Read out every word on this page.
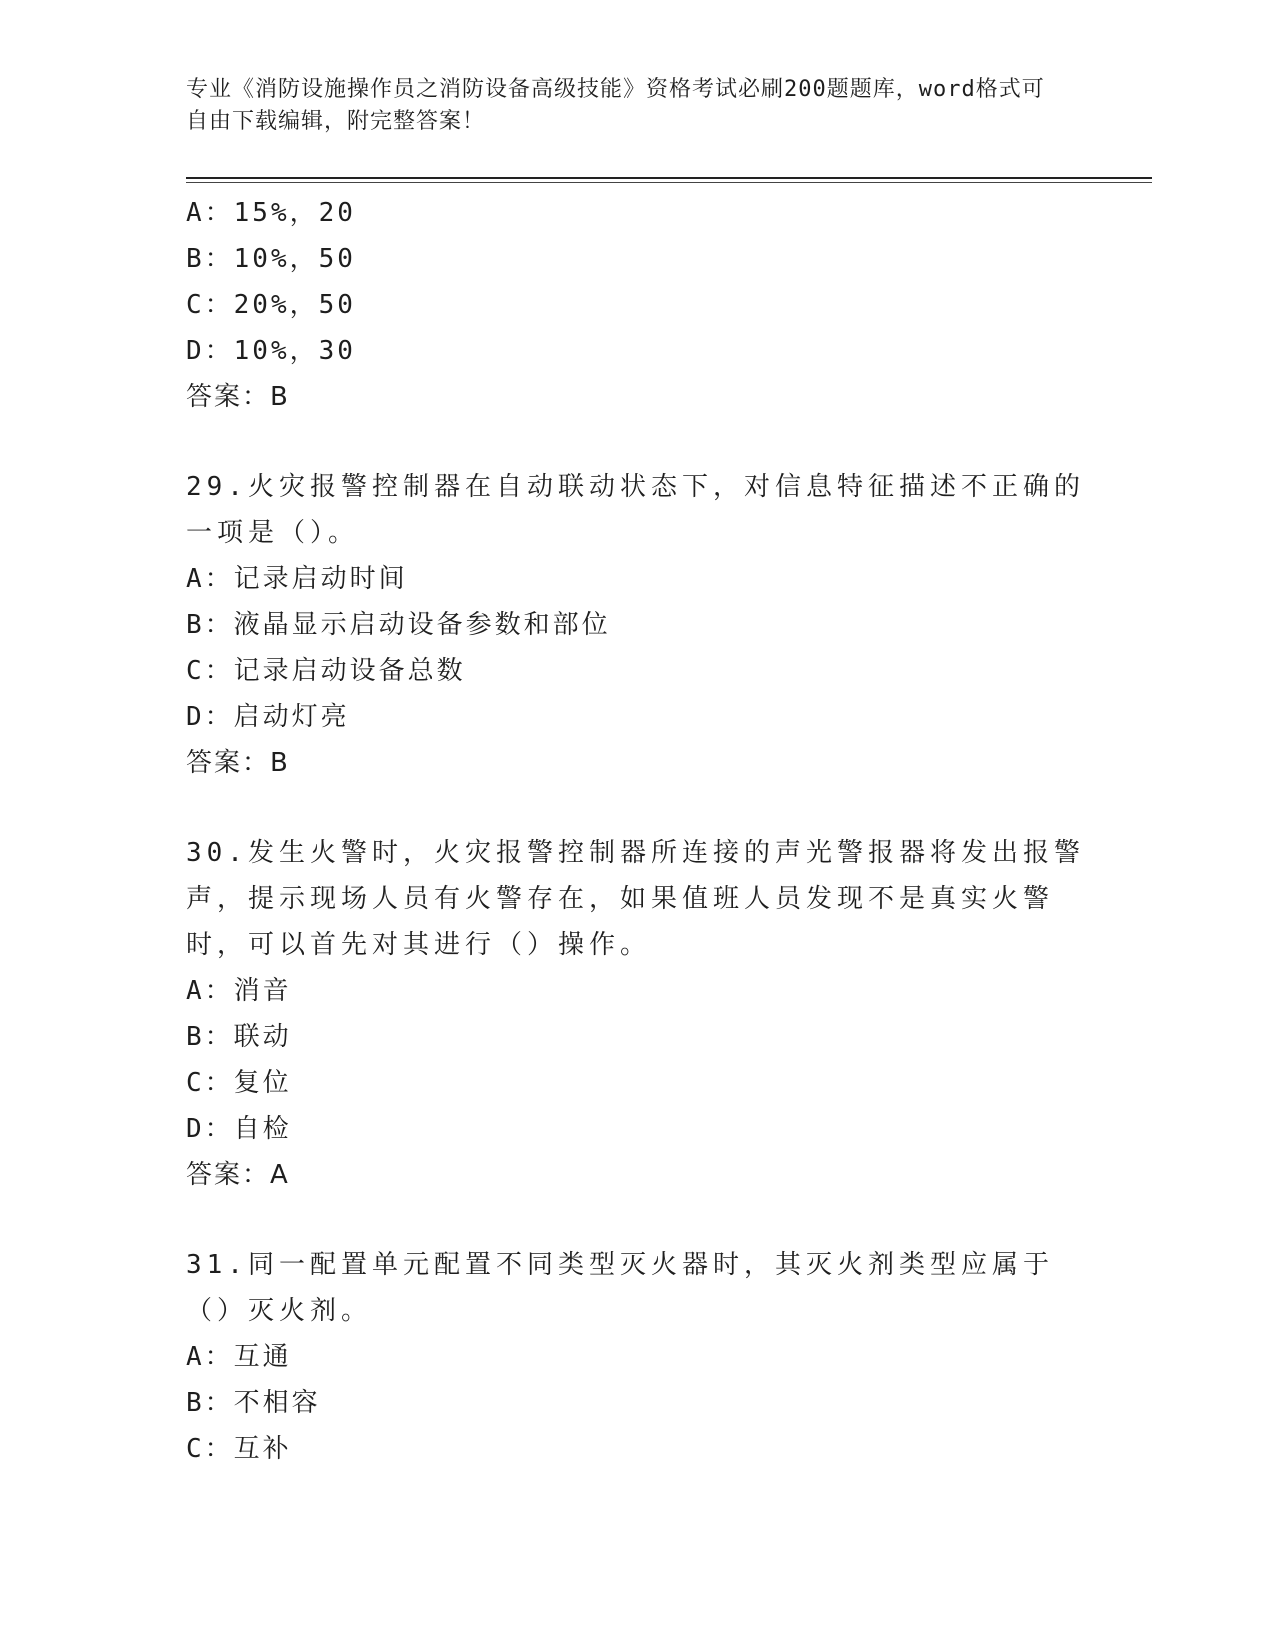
专业《消防设施操作员之消防设备高级技能》资格考试必刷200题题库，word格式可自由下载编辑，附完整答案！
A：15%，20
B：10%，50
C：20%，50
D：10%，30
答案：B
29.火灾报警控制器在自动联动状态下，对信息特征描述不正确的一项是（）。
A：记录启动时间
B：液晶显示启动设备参数和部位
C：记录启动设备总数
D：启动灯亮
答案：B
30.发生火警时，火灾报警控制器所连接的声光警报器将发出报警声，提示现场人员有火警存在，如果值班人员发现不是真实火警时，可以首先对其进行（）操作。
A：消音
B：联动
C：复位
D：自检
答案：A
31.同一配置单元配置不同类型灭火器时，其灭火剂类型应属于（）灭火剂。
A：互通
B：不相容
C：互补
